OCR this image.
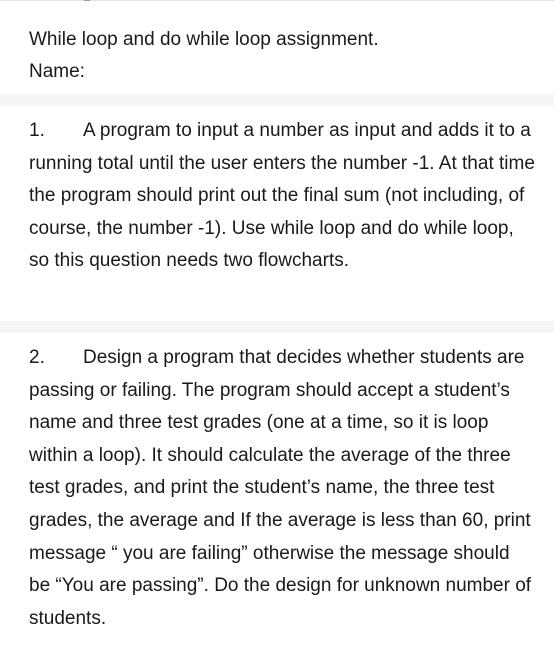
While loop and do while loop assignment.
Name:
1. A program to input a number as input and adds it to a running total until the user enters the number -1. At that time the program should print out the final sum (not including, of course, the number -1). Use while loop and do while loop, so this question needs two flowcharts.
2. Design a program that decides whether students are passing or failing. The program should accept a student’s name and three test grades (one at a time, so it is loop within a loop). It should calculate the average of the three test grades, and print the student’s name, the three test grades, the average and If the average is less than 60, print message “ you are failing” otherwise the message should be “You are passing”. Do the design for unknown number of students.
